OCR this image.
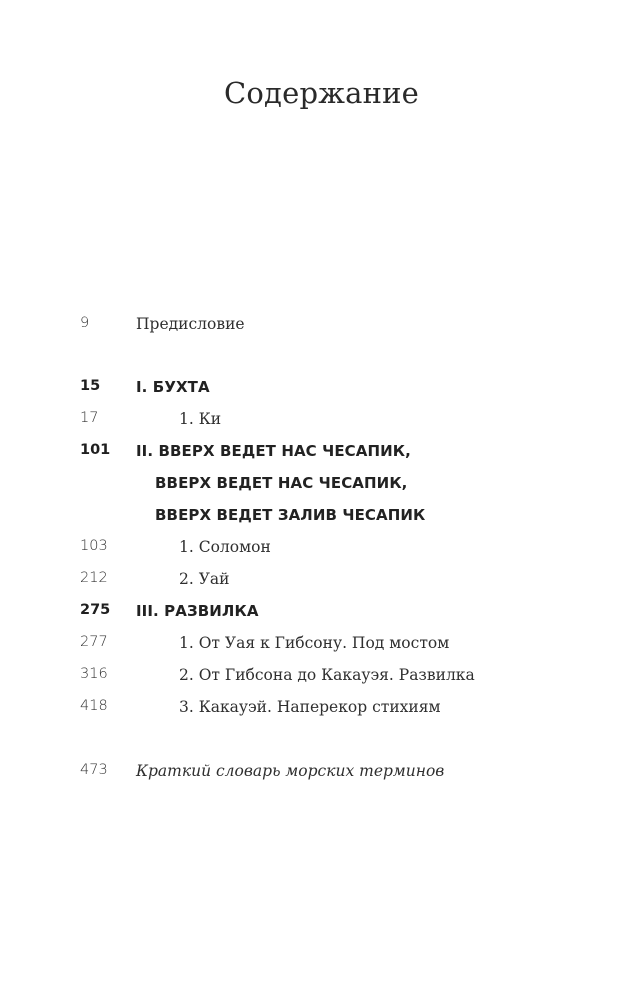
Содержание
9	Предисловие
15 I. БУХТА
17	1. Ки
101 II. ВВЕРХ ВЕДЕТ НАС ЧЕСАПИК,
ВВЕРХ ВЕДЕТ НАС ЧЕСАПИК,
ВВЕРХ ВЕДЕТ ЗАЛИВ ЧЕСАПИК
103	1. Соломон
212	2. Уай
275 III. РАЗВИЛКА
277	1. От Уая к Гибсону. Под мостом
316	2. От Гибсона до Какауэя. Развилка
418	3. Какауэй. Наперекор стихиям
473 Краткий словарь морских терминов
